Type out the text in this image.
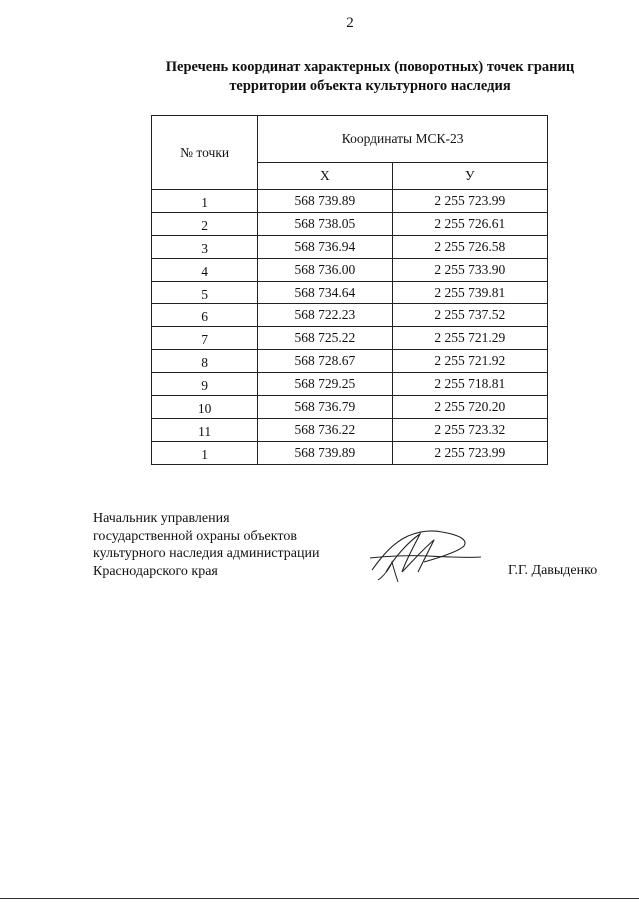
2
Перечень координат характерных (поворотных) точек границ
территории объекта культурного наследия
№ точки	Координаты МСК-23	
	Х	У
1	568 739.89	2 255 723.99
2	568 738.05	2 255 726.61
3	568 736.94	2 255 726.58
4	568 736.00	2 255 733.90
5	568 734.64	2 255 739.81
6	568 722.23	2 255 737.52
7	568 725.22	2 255 721.29
8	568 728.67	2 255 721.92
9	568 729.25	2 255 718.81
10	568 736.79	2 255 720.20
11	568 736.22	2 255 723.32
1	568 739.89	2 255 723.99
Начальник управления
государственной охраны объектов
культурного наследия администрации
Краснодарского края	Г.Г. Давыденко
